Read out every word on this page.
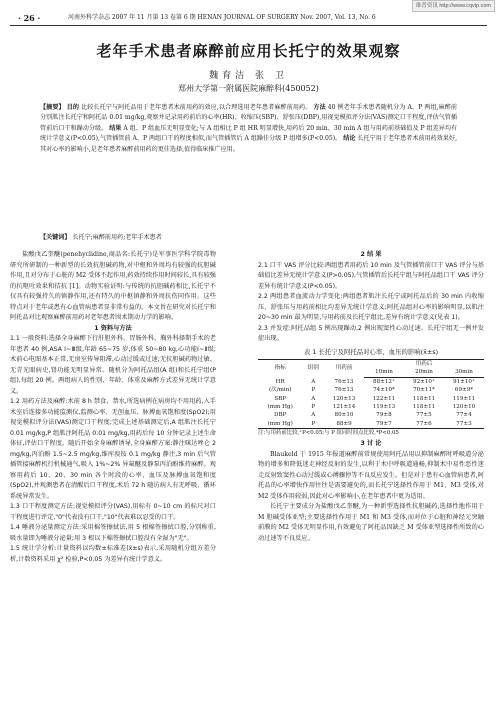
维普资讯 http://www.cqvip.com
· 26 ·	河南外科学杂志 2007 年 11 月第 13 卷第 6 期 HENAN JOURNAL OF SURGERY Nov. 2007, Vol. 13, No. 6
老年手术患者麻醉前应用长托宁的效果观察
魏育洁 张 卫
郑州大学第一附属医院麻醉科(450052)
【摘要】 目的 比较长托宁与阿托品用于老年患者术前用药的效应,以合理选用老年患者麻醉前用药。 方法 40 例老年手术患者随机分为 A、P 两组,麻醉前分别肌注长托宁和阿托品 0.01 mg/kg,观察并记录用药前后的心率(HR)、收缩压(SBP)、舒张压(DBP),用视觉模拟评分法(VAS)测定口干程度,评估气管插管前后口干和躁动分级。 结果 A 组、P 组血压无明显变化;与 A 组相比 P 组 HR 明显增快,用药后 20 min、30 min A 组与用药前基础值及 P 组差异均有统计学意义(P<0.05),气管插管前 A、P 两组口干的程度相似,而气管插管后 A 组躁佳分级 P 组增多(P<0.05)。 结论 长托宁用于老年患者术前用药效果好,其对心率的影响小,是老年患者麻醉前用药的更佳选择,值得临床推广应用。
【关键词】 长托宁;麻醉前用药;老年手术患者

盐酸戊乙奎醚(penehyclidine,商品名:长托宁)是军事医学科学院毒物研究所研制的一种新型的长效抗胆碱药物,对中枢和外周均有较强的抗胆碱作用,且对分布于心脏的 M2 受体不起作用,药效持续作用时间较长,具有较强的抗呕吐效果和拮抗 [1]。动物实验证明:与传统的抗胆碱药相比,长托宁不仅具有较强持久的镇静作用,还有特久的中枢镇静和外周抗伤同作用。这些特点对于老年或患有心血管病患者显非常有益的。本文旨在研究对长托宁和阿托品对比观察麻醉前用药对老年患者围术期动力学的影响。

1 资料与方法

1.1 一般资料:选择全身麻醉下行肝胆外科、胃肠外科、胸外科择期手术的老年患者 40 例,ASA Ⅰ~Ⅲ级,年龄 65~75 岁,体重 50~80 kg,心功能Ⅰ~Ⅱ级;术前心电图基本正常,无房室传导阻滞,心动过缓或过速;无抗胆碱药物过敏、无青光眼病史,肾功能无明显异常。随机分为阿托品组(A 组)和长托宁组(P 组),每组 20 例。两组病人的性别、年龄、体重及麻醉方式差异无统计学意义。

1.2 用药方法及麻醉:术前 8 h 禁食、禁水,所选病例在病房均不用用药,入手术室后连接多功能监测仪,监测心率、无创血压、脉搏血氧饱和度(SpO2);用视觉模拟评分法(VAS)测定口干程度;完成上述基础测定后,A 组肌注长托宁 0.01 mg/kg,P 组肌注阿托品 0.01 mg/kg,用药后每 10 分钟记录上述生命体征,评估口干程度。随后开始全身麻醉诱导,全身麻醉方案:静注咪达唑仑 2 mg/kg,丙泊酚 1.5~2.5 mg/kg,维库溴铵 0.1 mg/kg 静注,3 min 后气管插管接麻醉机行机械通气,吸入 1%~2% 异氟醚及静泵丙泊酚维持麻醉。观察用药后 10、20、30 min 各个时段的心率、血压及脉搏血氧饱和度(SpO2),并观测患者在清醒后口干程度,术后 72 h 随访病人有无呼吸、循环系统异常发生。

1.3 口干程度测定方法:视觉模拟评分(VAS),用标有 0~10 cm 的标尺对口干程度进行评定,"0"代表没有口干,"10"代表难以忍受的口干。

1.4 唾液分泌量测定方法:采用棉签擦拭法,用 5 根棉签擦拭口腔,分别称重,吸水量即为唾液分泌量;用 3 根以下棉签擦拭口腔没有全湿为"无"。

1.5 统计学分析:计量资料以均数±标准差(x̄±s)表示,采用随机分组方差分析,计数资料采用 χ² 检验,P<0.05 为差异有统计学意义。

2 结 果

2.1 口干 VAS 评分比较:两组患者用药后 10 min 及气管插管前口干 VAS 评分与基础值比差异无统计学意义(P>0.05),气管插管后长托宁组与阿托品组口干 VAS 评分差异有统计学意义(P<0.05)。

2.2 两组患者血流动力学变化:两组患者肌注长托宁或阿托品后的 30 min 内收缩压、舒张压与用药前相比均差异无统计学意义;阿托品组对心率的影响明显,以肌注 20~30 min 最为明显,与用药前及长托宁组比,差异有统计学意义(见表 1)。

2.3 并发症:阿托品组 5 例出现躁动,2 例出现窦性心动过速。长托宁组无一例并发症出现。

表 1 长托宁及阿托品对心率、血压的影响(x̄±s)
指标	组别	用药前	用药后		
			10min	20min	30min
HR	A	76±13	88±12⁺	92±10⁺	91±10⁺
(次/min)	P	76±13	74±10*	70±11*	69±9*
SBP	A	120±13	122±11	118±11	119±11
(mm Hg)	P	121±14	119±13	118±11	120±10
DBP	A	80±10	79±8	77±5	77±4
(mm Hg)	P	88±9	79±7	77±6	77±3
注:与用药前比较,⁺P<0.05;与 P 组同时间点比较,*P<0.05

3 讨 论

Blaukeld 于 1915 年报道麻醉前常规使用阿托品用以抑制麻醉时呼吸道分泌物的增多和降低迷走神经反射的发生,以利于术中呼吸道通畅,抑制术中易性恶性迷走反射致窦性心动过缓或心搏骤停等不良反应发生。但是对于患有心血管病患者,阿托品的心率增快作用往往是需要避免的,而长托宁选择性作用于 M1、M3 受体,对 M2 受体作用较弱,因此对心率影响小,在老年患者中更为适用。

长托宁主要成分为盐酸戊乙奎醚,为一种新型选择性抗胆碱药,选择性地作用于 M 胆碱受体亚型;主要选择性作用于 M1 和 M3 受体,而对位于心脏和神经元突触前膜的 M2 受体无明显作用,有效避免了阿托品因缺乏 M 受体亚型选择性所致的心动过速等不良反应。
